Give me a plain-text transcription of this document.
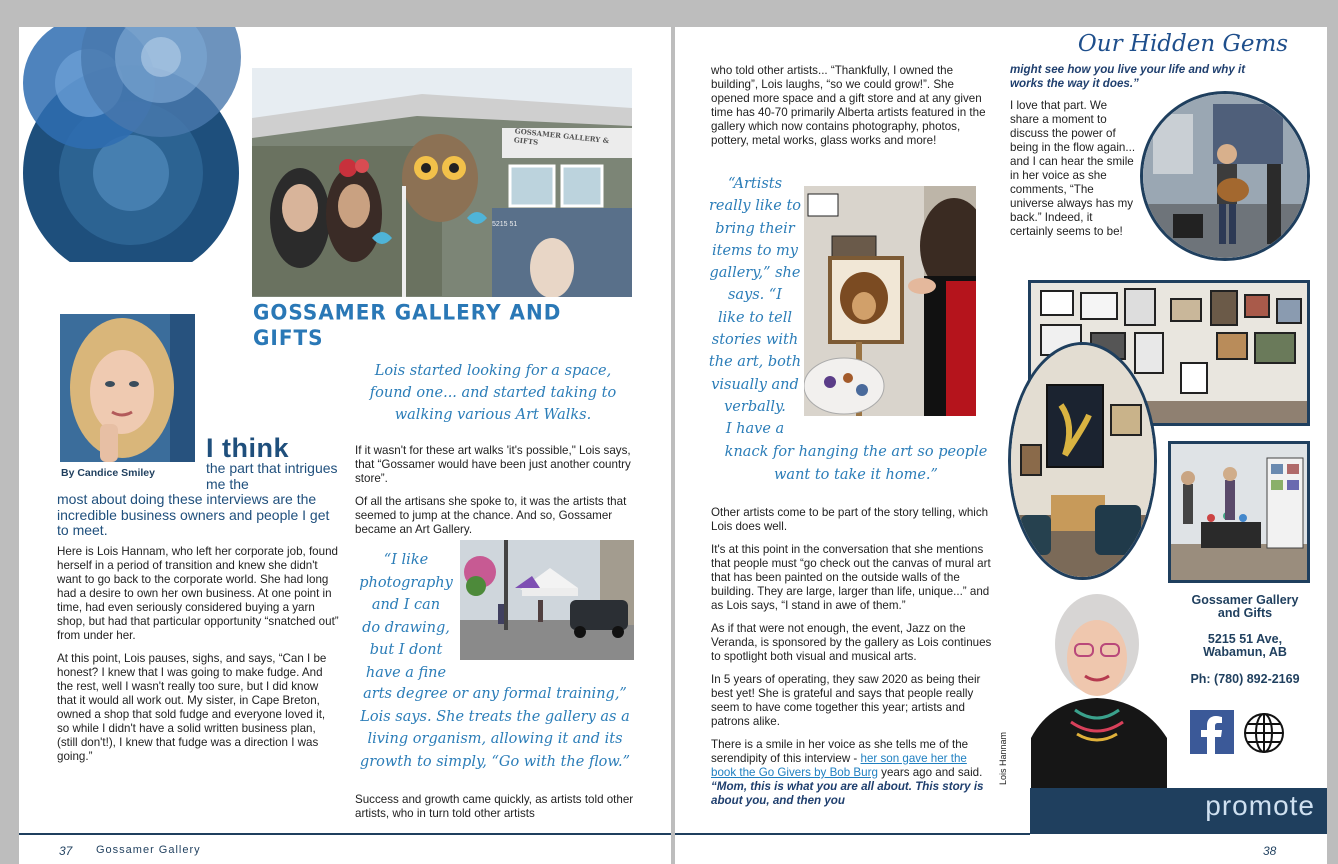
GOSSAMER GALLERY & GIFTS
5215 51
GOSSAMER GALLERY AND GIFTS
By Candice Smiley
I think
the part that intrigues me the
most about doing these interviews are the incredible business owners and people I get to meet.

Here is Lois Hannam, who left her corporate job, found herself in a period of transition and knew she didn't want to go back to the corporate world. She had long had a desire to own her own business. At one point in time, had even seriously considered buying a yarn shop, but had that particular opportunity “snatched out” from under her.

At this point, Lois pauses, sighs, and says, “Can I be honest? I knew that I was going to make fudge. And the rest, well I wasn't really too sure, but I did know that it would all work out. My sister, in Cape Breton, owned a shop that sold fudge and everyone loved it, so while I didn't have a solid written business plan, (still don't!), I knew that fudge was a direction I was going.”

Lois started looking for a space, found one... and started taking to walking various Art Walks.

If it wasn't for these art walks 'it's possible," Lois says, that “Gossamer would have been just another country store”.

Of all the artisans she spoke to, it was the artists that seemed to jump at the chance. And so, Gossamer became an Art Gallery.

“I like
photography
and I can
do drawing,
but I dont
have a fine
arts degree or any formal training,” Lois says. She treats the gallery as a living organism, allowing it and its growth to simply, “Go with the flow.”

Success and growth came quickly, as artists told other artists, who in turn told other artists

37 Gossamer Gallery
Our Hidden Gems

who told other artists... “Thankfully, I owned the building”, Lois laughs, “so we could grow!”. She opened more space and a gift store and at any given time has 40-70 primarily Alberta artists featured in the gallery which now contains photography, photos, pottery, metal works, glass works and more!

“Artists
really like to
bring their
items to my
gallery,” she
says. “I
like to tell
stories with
the art, both
visually and
verbally.
I have a
knack for hanging the art so people want to take it home.”

Other artists come to be part of the story telling, which Lois does well.

It's at this point in the conversation that she mentions that people must “go check out the canvas of mural art that has been painted on the outside walls of the building. They are large, larger than life, unique...” and as Lois says, “I stand in awe of them.”

As if that were not enough, the event, Jazz on the Veranda, is sponsored by the gallery as Lois continues to spotlight both visual and musical arts.

In 5 years of operating, they saw 2020 as being their best yet! She is grateful and says that people really seem to have come together this year; artists and patrons alike.

There is a smile in her voice as she tells me of the serendipity of this interview - her son gave her the book the Go Givers by Bob Burg years ago and said. “Mom, this is what you are all about. This story is about you, and then you

might see how you live your life and why it works the way it does.”
I love that part. We share a moment to discuss the power of being in the flow again... and I can hear the smile in her voice as she comments, “The universe always has my back.” Indeed, it certainly seems to be!
Gossamer Gallery
and Gifts
5215 51 Ave,
Wabamun, AB
Ph: (780) 892-2169
Lois Hannam
promote
38
